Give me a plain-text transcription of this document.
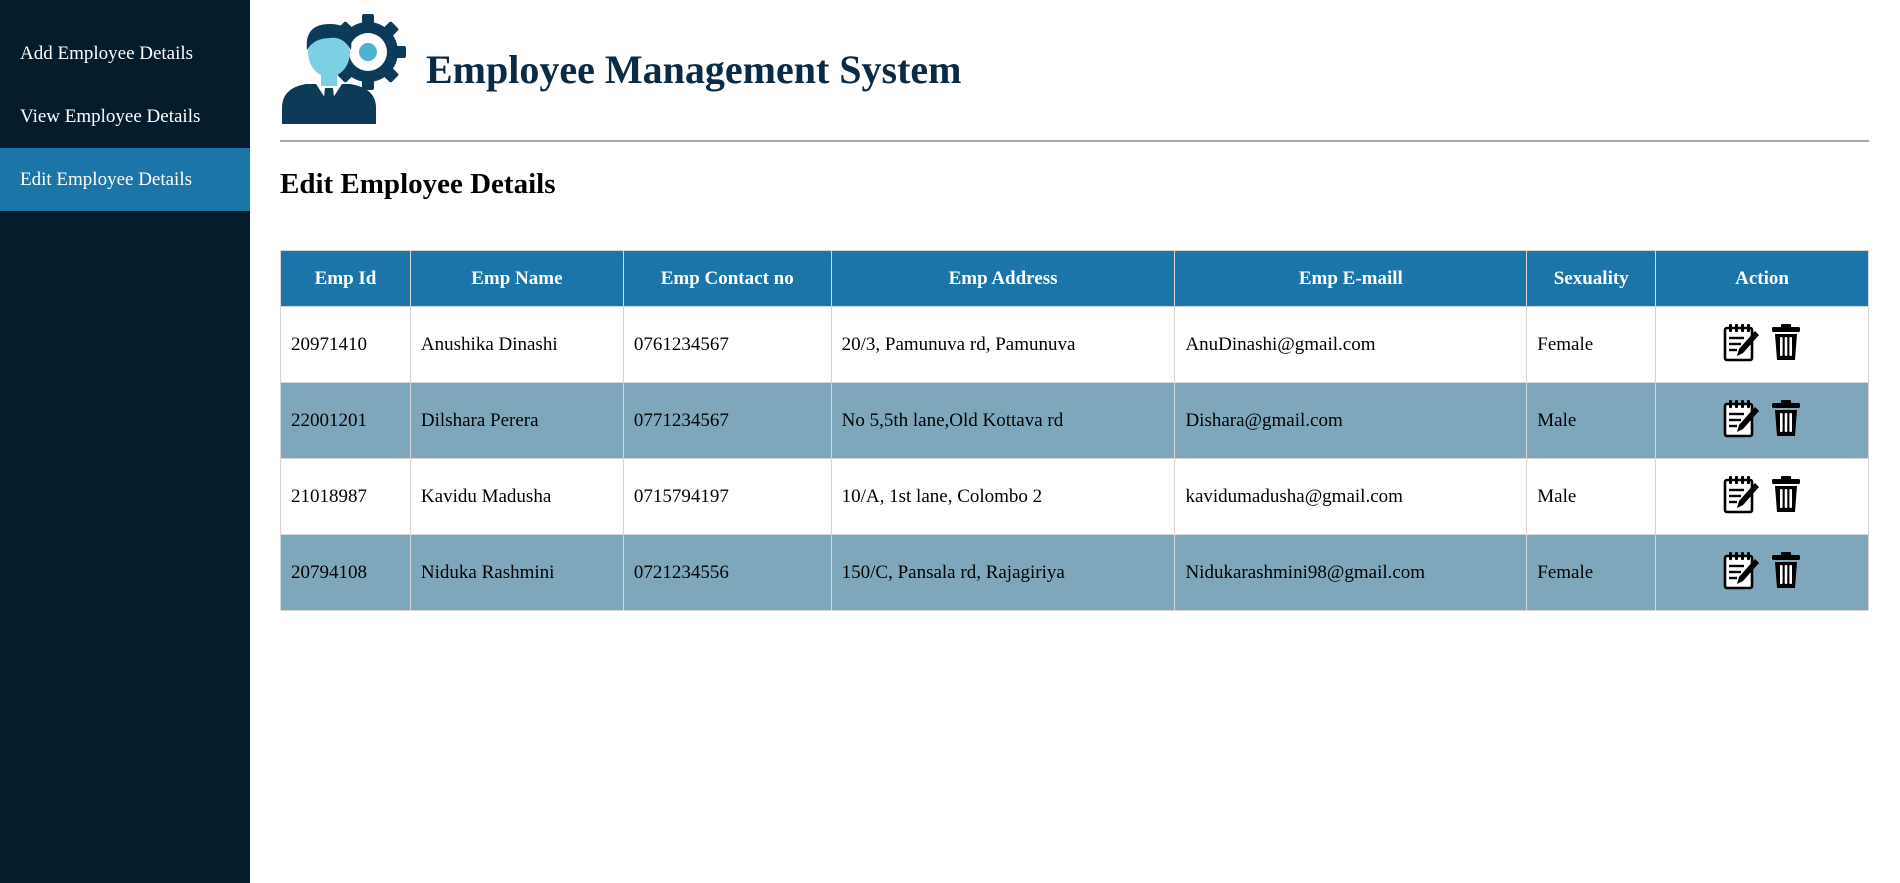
Add Employee Details
View Employee Details
Edit Employee Details
Employee Management System
Edit Employee Details
Emp Id	Emp Name	Emp Contact no	Emp Address	Emp E-maill	Sexuality	Action
20971410	Anushika Dinashi	0761234567	20/3, Pamunuva rd, Pamunuva	AnuDinashi@gmail.com	Female	
22001201	Dilshara Perera	0771234567	No 5,5th lane,Old Kottava rd	Dishara@gmail.com	Male	
21018987	Kavidu Madusha	0715794197	10/A, 1st lane, Colombo 2	kavidumadusha@gmail.com	Male	
20794108	Niduka Rashmini	0721234556	150/C, Pansala rd, Rajagiriya	Nidukarashmini98@gmail.com	Female	
